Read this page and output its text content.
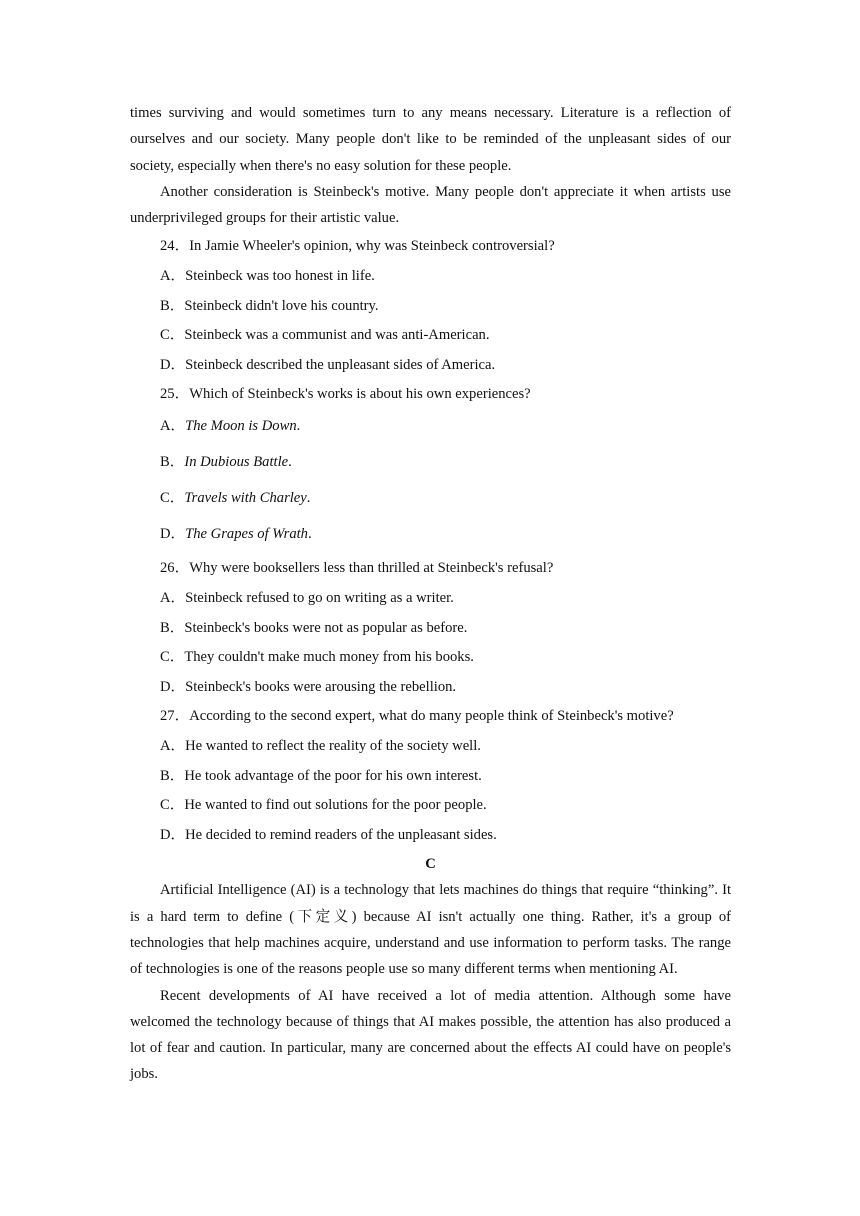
times surviving and would sometimes turn to any means necessary. Literature is a reflection of ourselves and our society. Many people don't like to be reminded of the unpleasant sides of our society, especially when there's no easy solution for these people.

Another consideration is Steinbeck's motive. Many people don't appreciate it when artists use underprivileged groups for their artistic value.

24．In Jamie Wheeler's opinion, why was Steinbeck controversial?

A．Steinbeck was too honest in life.

B．Steinbeck didn't love his country.

C．Steinbeck was a communist and was anti-American.

D．Steinbeck described the unpleasant sides of America.

25．Which of Steinbeck's works is about his own experiences?

A．The Moon is Down.

B．In Dubious Battle.

C．Travels with Charley.

D．The Grapes of Wrath.

26．Why were booksellers less than thrilled at Steinbeck's refusal?

A．Steinbeck refused to go on writing as a writer.

B．Steinbeck's books were not as popular as before.

C．They couldn't make much money from his books.

D．Steinbeck's books were arousing the rebellion.

27．According to the second expert, what do many people think of Steinbeck's motive?

A．He wanted to reflect the reality of the society well.

B．He took advantage of the poor for his own interest.

C．He wanted to find out solutions for the poor people.

D．He decided to remind readers of the unpleasant sides.

C

Artificial Intelligence (AI) is a technology that lets machines do things that require “thinking”. It is a hard term to define (下定义) because AI isn't actually one thing. Rather, it's a group of technologies that help machines acquire, understand and use information to perform tasks. The range of technologies is one of the reasons people use so many different terms when mentioning AI.

Recent developments of AI have received a lot of media attention. Although some have welcomed the technology because of things that AI makes possible, the attention has also produced a lot of fear and caution. In particular, many are concerned about the effects AI could have on people's jobs.
